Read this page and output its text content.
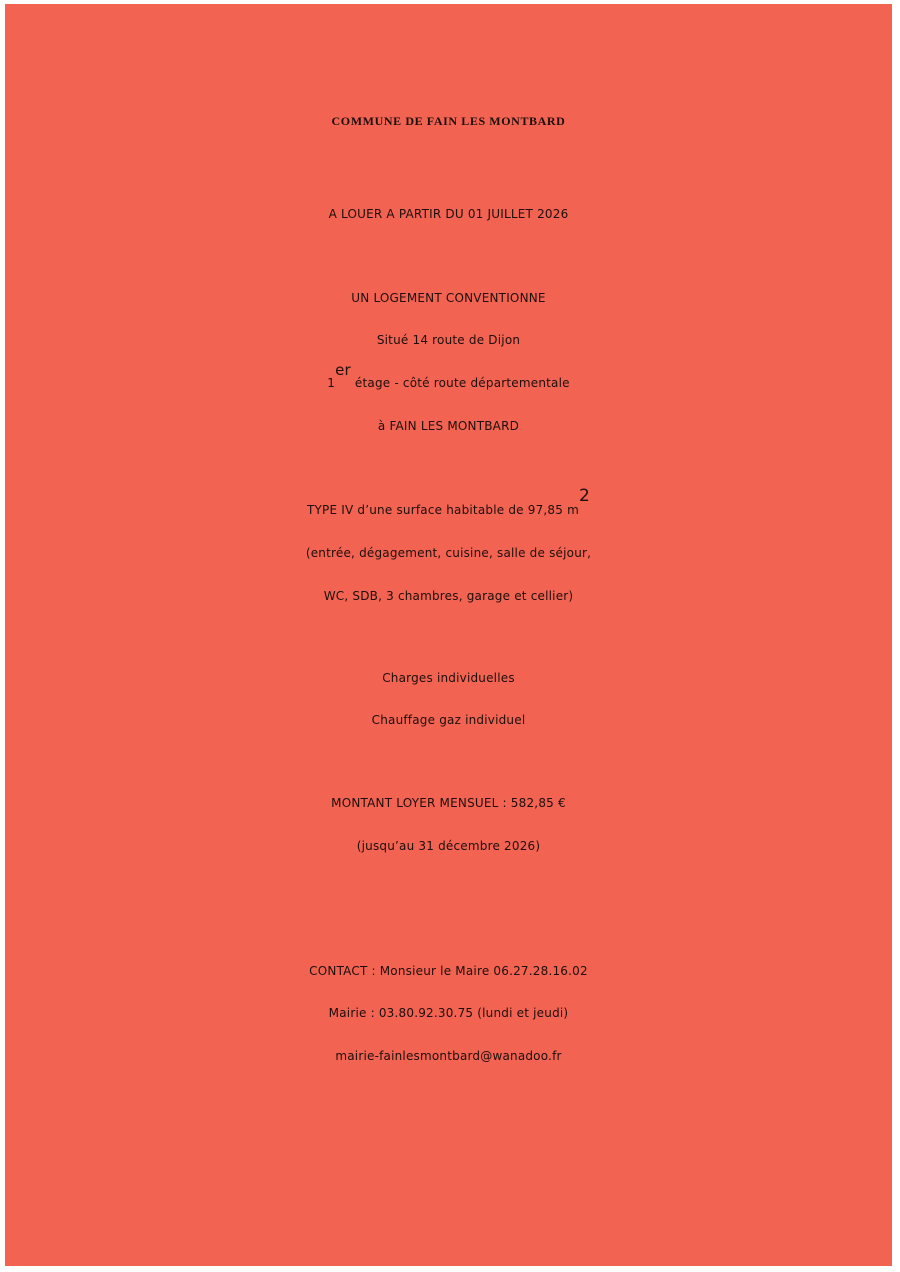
COMMUNE DE FAIN LES MONTBARD
A LOUER A PARTIR DU 01 JUILLET 2026
UN LOGEMENT CONVENTIONNE
Situé 14 route de Dijon
1er étage - côté route départementale
à FAIN LES MONTBARD
TYPE IV d’une surface habitable de 97,85 $m^2$
(entrée, dégagement, cuisine, salle de séjour,
WC, SDB, 3 chambres, garage et cellier)
Charges individuelles
Chauffage gaz individuel
MONTANT LOYER MENSUEL : 582,85 €
(jusqu’au 31 décembre 2026)
CONTACT : Monsieur le Maire 06.27.28.16.02
Mairie : 03.80.92.30.75 (lundi et jeudi)
mairie-fainlesmontbard@wanadoo.fr
